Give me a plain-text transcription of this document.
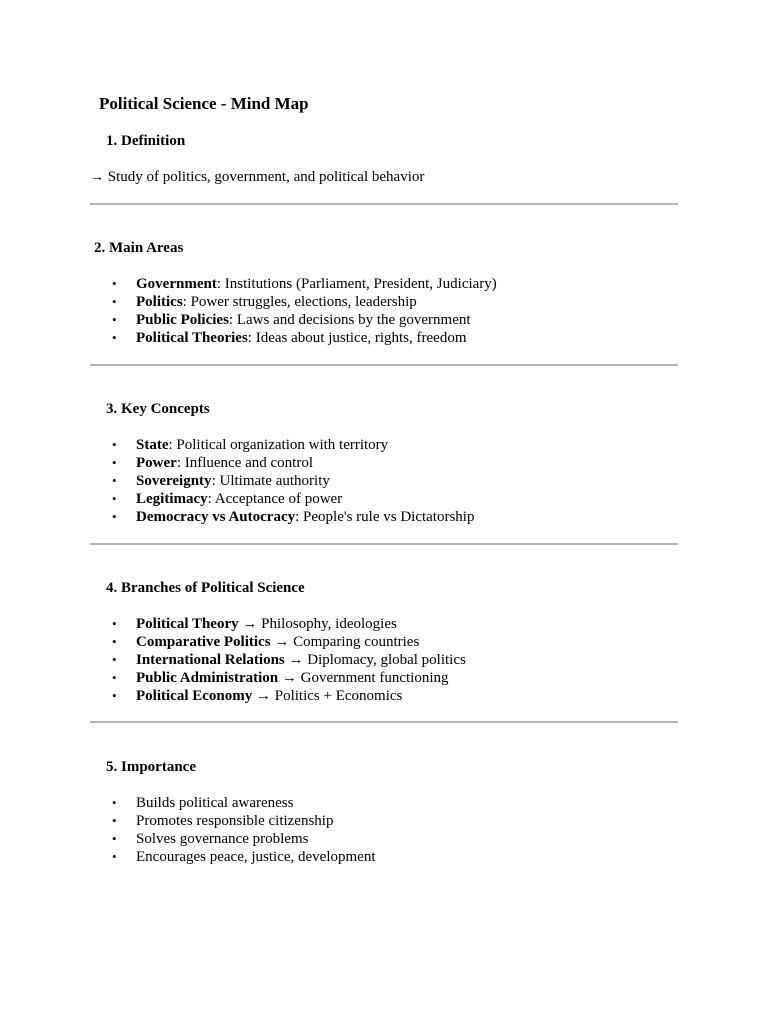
Political Science - Mind Map
1. Definition

→ Study of politics, government, and political behavior

2. Main Areas
• Government: Institutions (Parliament, President, Judiciary)
• Politics: Power struggles, elections, leadership
• Public Policies: Laws and decisions by the government
• Political Theories: Ideas about justice, rights, freedom
3. Key Concepts
• State: Political organization with territory
• Power: Influence and control
• Sovereignty: Ultimate authority
• Legitimacy: Acceptance of power
• Democracy vs Autocracy: People's rule vs Dictatorship
4. Branches of Political Science
• Political Theory → Philosophy, ideologies
• Comparative Politics → Comparing countries
• International Relations → Diplomacy, global politics
• Public Administration → Government functioning
• Political Economy → Politics + Economics
5. Importance
• Builds political awareness
• Promotes responsible citizenship
• Solves governance problems
• Encourages peace, justice, development
